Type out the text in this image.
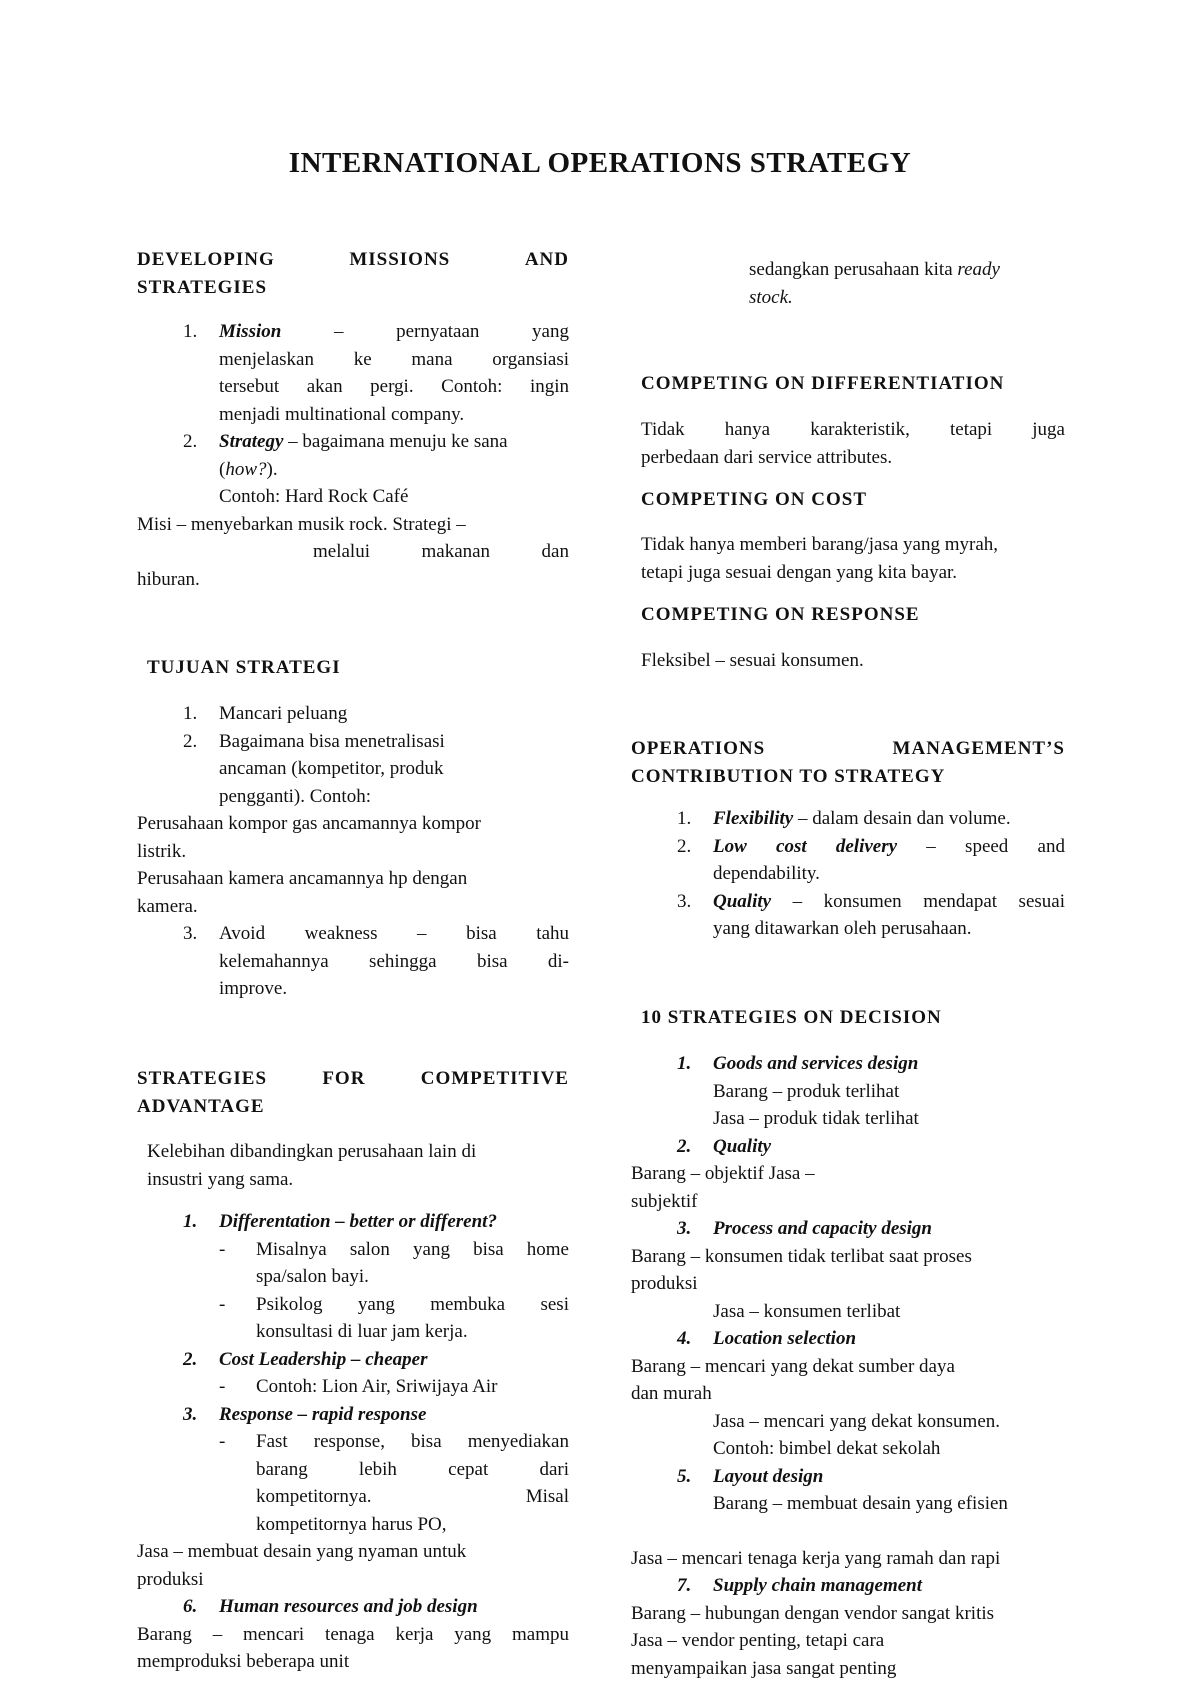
INTERNATIONAL OPERATIONS STRATEGY
DEVELOPING	MISSIONS	AND
STRATEGIES
1. Mission	– pernyataan yang
menjelaskan ke mana organsiasi
tersebut akan pergi. Contoh: ingin
menjadi multinational company.
2. Strategy – bagaimana menuju ke sana
(how?).
Contoh: Hard Rock Café
Misi – menyebarkan musik rock. Strategi –
melalui makanan dan
hiburan.
TUJUAN STRATEGI
1. Mancari peluang
2. Bagaimana bisa menetralisasi
ancaman (kompetitor, produk
pengganti). Contoh:
Perusahaan kompor gas ancamannya kompor
listrik.
Perusahaan kamera ancamannya hp dengan
kamera.
3. Avoid weakness – bisa tahu
kelemahannya sehingga bisa di-
improve.
STRATEGIES	FOR	COMPETITIVE
ADVANTAGE
Kelebihan dibandingkan perusahaan lain di
insustri yang sama.
1. Differentation – better or different?
- Misalnya salon yang bisa home
spa/salon bayi.
- Psikolog yang membuka sesi
konsultasi di luar jam kerja.
2. Cost Leadership – cheaper
- Contoh: Lion Air, Sriwijaya Air
3. Response – rapid response
- Fast response, bisa menyediakan
barang lebih cepat dari
kompetitornya. Misal
kompetitornya harus PO,
Jasa – membuat desain yang nyaman untuk
produksi
6. Human resources and job design
Barang – mencari tenaga kerja yang mampu
memproduksi beberapa unit
sedangkan perusahaan kita ready
stock.
COMPETING ON DIFFERENTIATION
Tidak hanya karakteristik, tetapi juga
perbedaan dari service attributes.
COMPETING ON COST
Tidak hanya memberi barang/jasa yang myrah,
tetapi juga sesuai dengan yang kita bayar.
COMPETING ON RESPONSE
Fleksibel – sesuai konsumen.
OPERATIONS	MANAGEMENT’S
CONTRIBUTION TO STRATEGY
1. Flexibility – dalam desain dan volume.
2. Low cost delivery – speed and
dependability.
3. Quality – konsumen mendapat sesuai
yang ditawarkan oleh perusahaan.
10 STRATEGIES ON DECISION
1. Goods and services design
Barang – produk terlihat
Jasa – produk tidak terlihat
2. Quality
Barang – objektif Jasa –
subjektif
3. Process and capacity design
Barang – konsumen tidak terlibat saat proses
produksi
Jasa – konsumen terlibat
4. Location selection
Barang – mencari yang dekat sumber daya
dan murah
Jasa – mencari yang dekat konsumen.
Contoh: bimbel dekat sekolah
5. Layout design
Barang – membuat desain yang efisien
Jasa – mencari tenaga kerja yang ramah dan rapi
7. Supply chain management
Barang – hubungan dengan vendor sangat kritis
Jasa – vendor penting, tetapi cara
menyampaikan jasa sangat penting
